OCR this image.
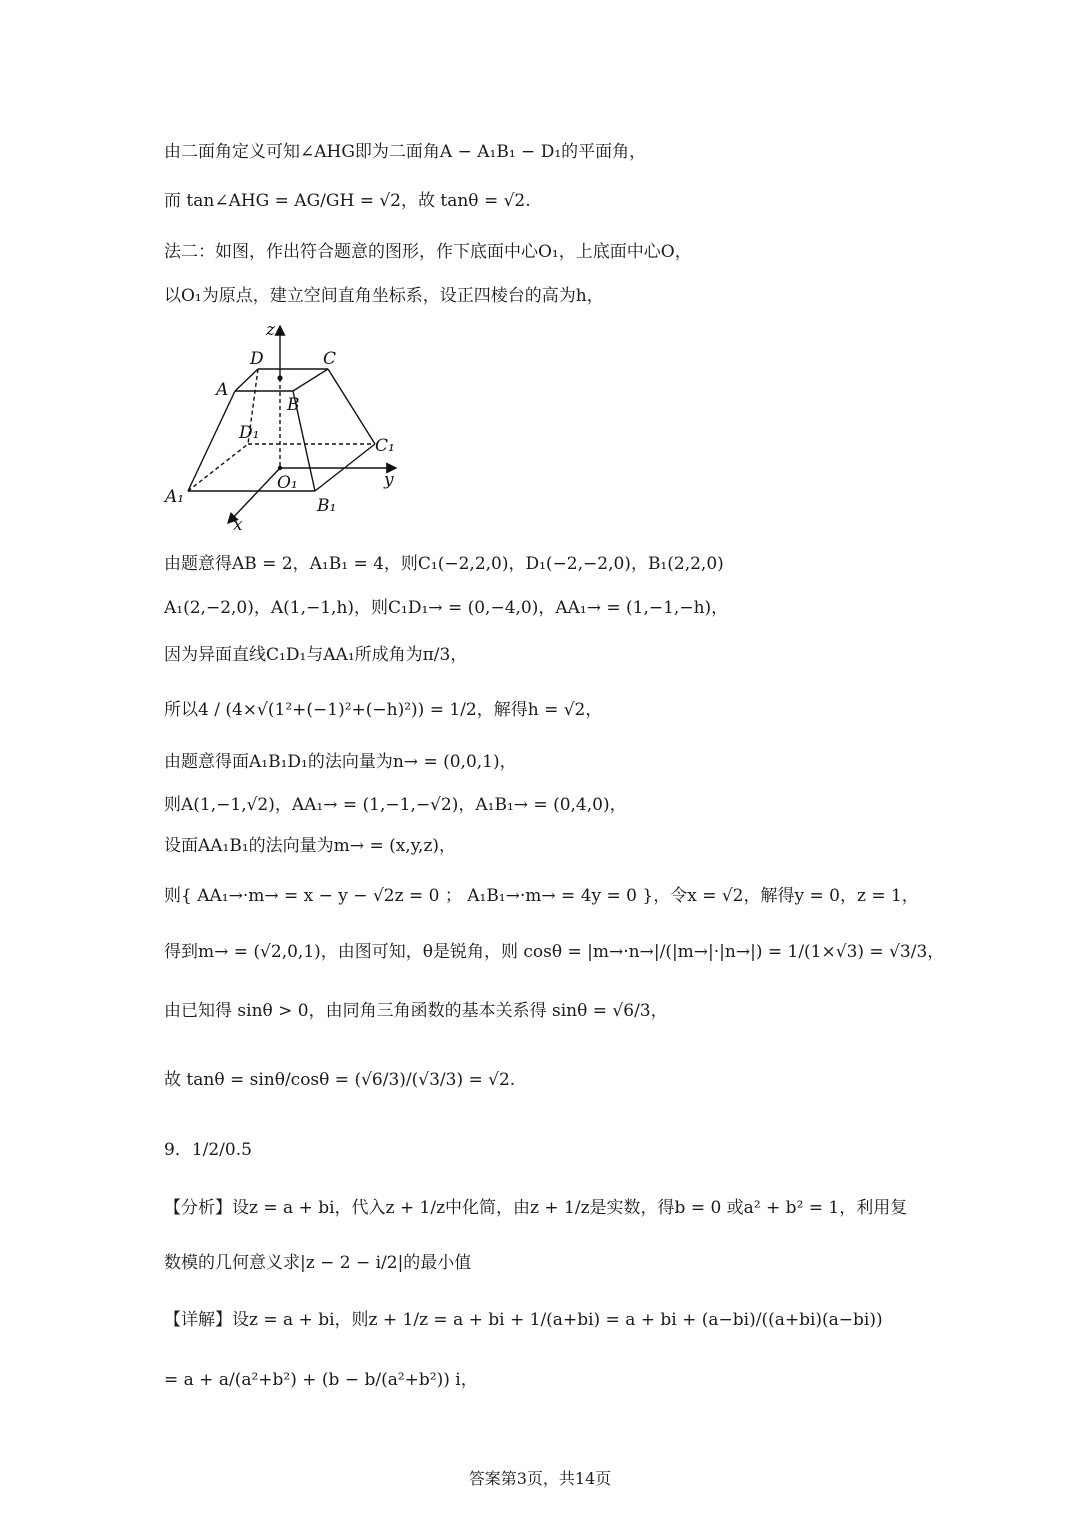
由二面角定义可知∠AHG即为二面角A − A₁B₁ − D₁的平面角，
而 tan∠AHG = AG/GH = √2，故 tanθ = √2.
法二：如图，作出符合题意的图形，作下底面中心O₁，上底面中心O，
以O₁为原点，建立空间直角坐标系，设正四棱台的高为h，
z
D	C
A
B
D₁
C₁
O₁	y
A₁	B₁
x
由题意得AB = 2，A₁B₁ = 4，则C₁(−2,2,0)，D₁(−2,−2,0)，B₁(2,2,0)
A₁(2,−2,0)，A(1,−1,h)，则C₁D₁→ = (0,−4,0)，AA₁→ = (1,−1,−h)，
因为异面直线C₁D₁与AA₁所成角为π/3，
所以4 / (4×√(1²+(−1)²+(−h)²)) = 1/2，解得h = √2，
由题意得面A₁B₁D₁的法向量为n→ = (0,0,1)，
则A(1,−1,√2)，AA₁→ = (1,−1,−√2)，A₁B₁→ = (0,4,0)，
设面AA₁B₁的法向量为m→ = (x,y,z)，
则{ AA₁→·m→ = x − y − √2z = 0 ； A₁B₁→·m→ = 4y = 0 }，令x = √2，解得y = 0，z = 1，
得到m→ = (√2,0,1)，由图可知，θ是锐角，则 cosθ = |m→·n→|/(|m→|·|n→|) = 1/(1×√3) = √3/3，
由已知得 sinθ > 0，由同角三角函数的基本关系得 sinθ = √6/3，
故 tanθ = sinθ/cosθ = (√6/3)/(√3/3) = √2.
9．1/2/0.5
【分析】设z = a + bi，代入z + 1/z中化简，由z + 1/z是实数，得b = 0 或a² + b² = 1，利用复
数模的几何意义求|z − 2 − i/2|的最小值
【详解】设z = a + bi，则z + 1/z = a + bi + 1/(a+bi) = a + bi + (a−bi)/((a+bi)(a−bi))
= a + a/(a²+b²) + (b − b/(a²+b²)) i，
答案第3页，共14页
